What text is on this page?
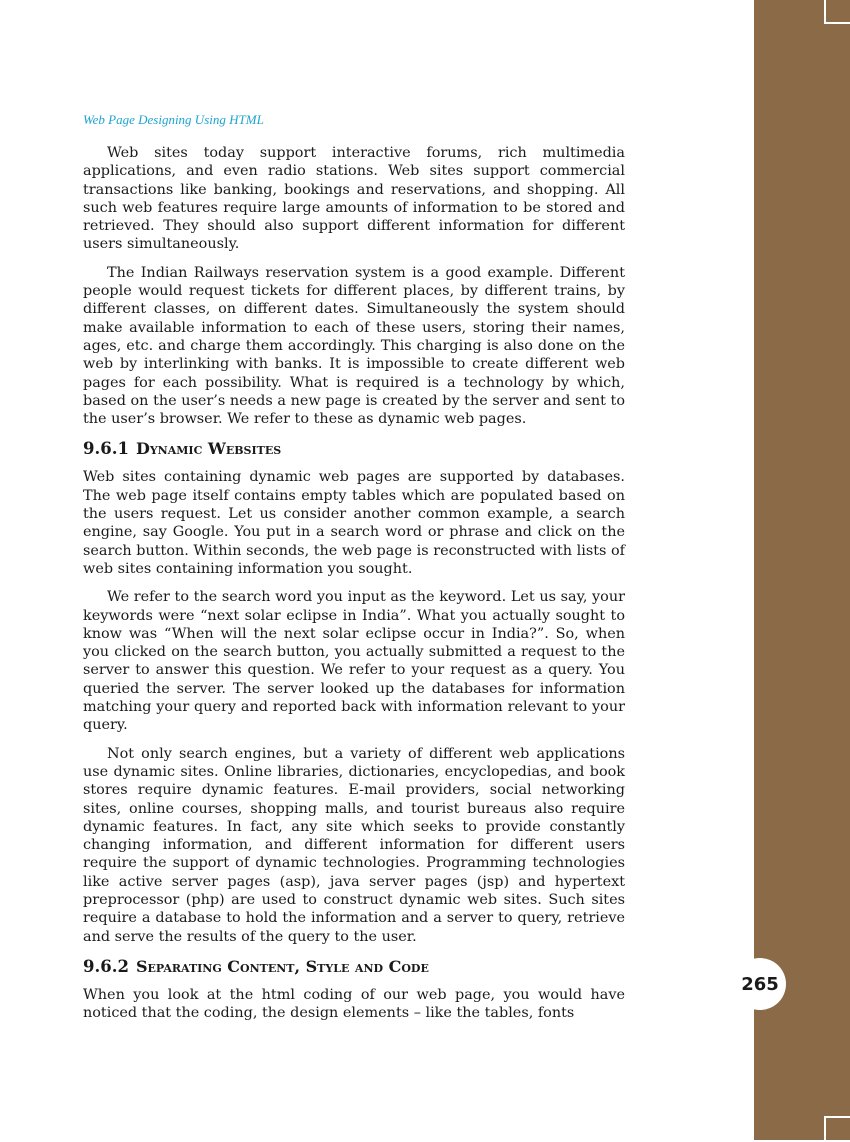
Web Page Designing Using HTML

Web sites today support interactive forums, rich multimedia applications, and even radio stations. Web sites support commercial transactions like banking, bookings and reservations, and shopping. All such web features require large amounts of information to be stored and retrieved. They should also support different information for different users simultaneously.

The Indian Railways reservation system is a good example. Different people would request tickets for different places, by different trains, by different classes, on different dates. Simultaneously the system should make available information to each of these users, storing their names, ages, etc. and charge them accordingly. This charging is also done on the web by interlinking with banks. It is impossible to create different web pages for each possibility. What is required is a technology by which, based on the user’s needs a new page is created by the server and sent to the user’s browser. We refer to these as dynamic web pages.

9.6.1 Dynamic Websites

Web sites containing dynamic web pages are supported by databases. The web page itself contains empty tables which are populated based on the users request. Let us consider another common example, a search engine, say Google. You put in a search word or phrase and click on the search button. Within seconds, the web page is reconstructed with lists of web sites containing information you sought.

We refer to the search word you input as the keyword. Let us say, your keywords were “next solar eclipse in India”. What you actually sought to know was “When will the next solar eclipse occur in India?”. So, when you clicked on the search button, you actually submitted a request to the server to answer this question. We refer to your request as a query. You queried the server. The server looked up the databases for information matching your query and reported back with information relevant to your query.

Not only search engines, but a variety of different web applications use dynamic sites. Online libraries, dictionaries, encyclopedias, and book stores require dynamic features. E-mail providers, social networking sites, online courses, shopping malls, and tourist bureaus also require dynamic features. In fact, any site which seeks to provide constantly changing information, and different information for different users require the support of dynamic technologies. Programming technologies like active server pages (asp), java server pages (jsp) and hypertext preprocessor (php) are used to construct dynamic web sites. Such sites require a database to hold the information and a server to query, retrieve and serve the results of the query to the user.

9.6.2 Separating Content, Style and Code

When you look at the html coding of our web page, you would have noticed that the coding, the design elements – like the tables, fonts

265
